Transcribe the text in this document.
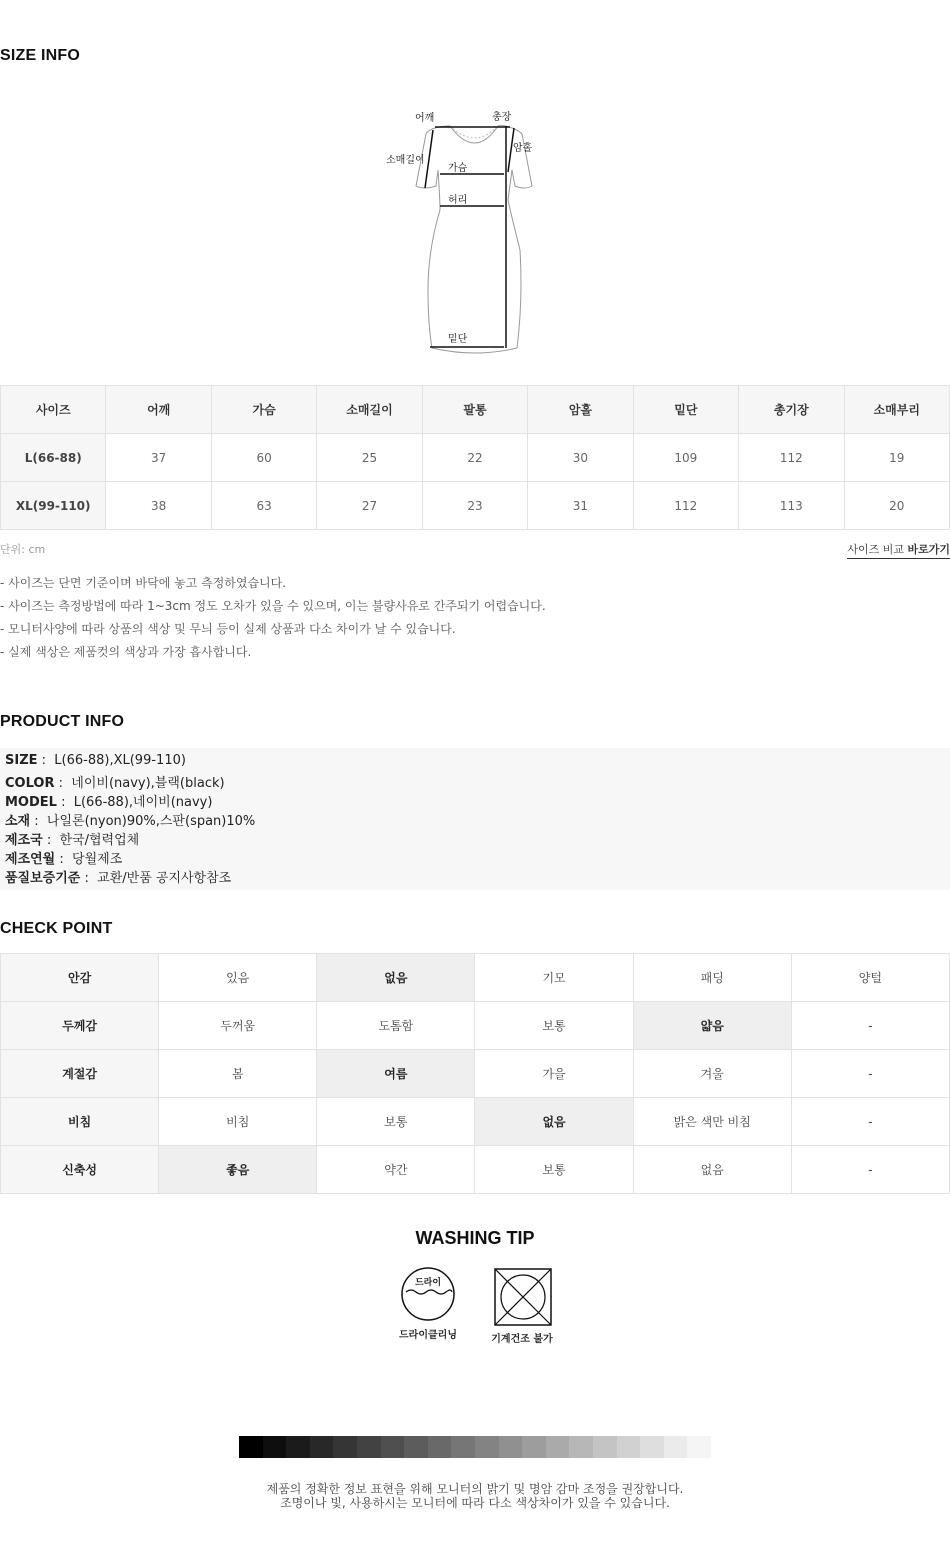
SIZE INFO
어깨	총장
암홀
소매길이
가슴
허리
밑단
사이즈	어깨	가슴	소매길이	팔통	암홀	밑단	총기장	소매부리
L(66-88)	37	60	25	22	30	109	112	19
XL(99-110)	38	63	27	23	31	112	113	20
단위: cm	사이즈 비교 바로가기
- 사이즈는 단면 기준이며 바닥에 놓고 측정하였습니다.
- 사이즈는 측정방법에 따라 1~3cm 정도 오차가 있을 수 있으며, 이는 불량사유로 간주되기 어렵습니다.
- 모니터사양에 따라 상품의 색상 및 무늬 등이 실제 상품과 다소 차이가 날 수 있습니다.
- 실제 색상은 제품컷의 색상과 가장 흡사합니다.
PRODUCT INFO
SIZE :  L(66-88),XL(99-110)
COLOR :  네이비(navy),블랙(black)
MODEL :  L(66-88),네이비(navy)
소재 :  나일론(nyon)90%,스판(span)10%
제조국 :  한국/협력업체
제조연월 :  당월제조
품질보증기준 :  교환/반품 공지사항참조
CHECK POINT
안감	있음	없음	기모	패딩	양털
두께감	두꺼움	도톰함	보통	얇음	-
계절감	봄	여름	가을	겨울	-
비침	비침	보통	없음	밝은 색만 비침	-
신축성	좋음	약간	보통	없음	-
WASHING TIP
드라이
드라이클리닝	기계건조 불가
제품의 정확한 정보 표현을 위해 모니터의 밝기 및 명암 감마 조정을 권장합니다.
조명이나 빛, 사용하시는 모니터에 따라 다소 색상차이가 있을 수 있습니다.
